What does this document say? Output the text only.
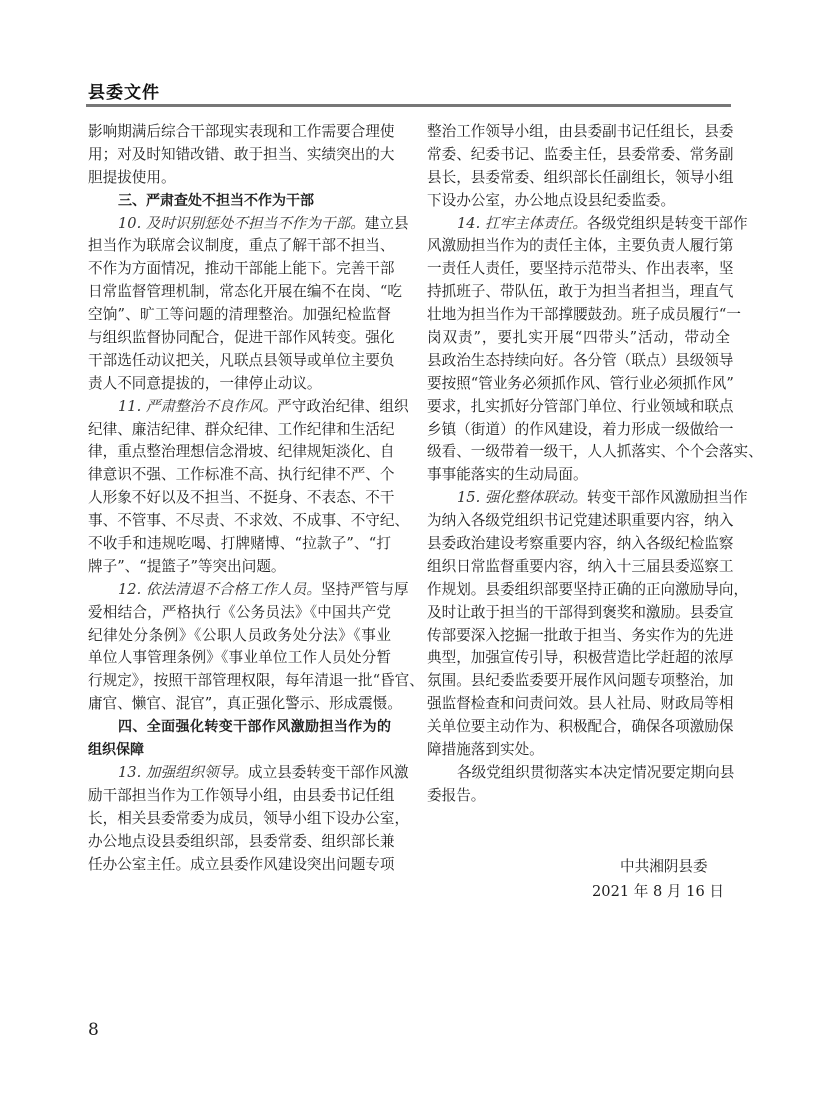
县委文件
影响期满后综合干部现实表现和工作需要合理使
用；对及时知错改错、敢于担当、实绩突出的大
胆提拔使用。
三、严肃查处不担当不作为干部
10. 及时识别惩处不担当不作为干部。建立县
担当作为联席会议制度，重点了解干部不担当、
不作为方面情况，推动干部能上能下。完善干部
日常监督管理机制，常态化开展在编不在岗、“吃
空饷”、旷工等问题的清理整治。加强纪检监督
与组织监督协同配合，促进干部作风转变。强化
干部选任动议把关，凡联点县领导或单位主要负
责人不同意提拔的，一律停止动议。
11. 严肃整治不良作风。严守政治纪律、组织
纪律、廉洁纪律、群众纪律、工作纪律和生活纪
律，重点整治理想信念滑坡、纪律规矩淡化、自
律意识不强、工作标准不高、执行纪律不严、个
人形象不好以及不担当、不挺身、不表态、不干
事、不管事、不尽责、不求效、不成事、不守纪、
不收手和违规吃喝、打牌赌博、“拉款子”、“打
牌子”、“提篮子”等突出问题。
12. 依法清退不合格工作人员。坚持严管与厚
爱相结合，严格执行《公务员法》《中国共产党
纪律处分条例》《公职人员政务处分法》《事业
单位人事管理条例》《事业单位工作人员处分暂
行规定》，按照干部管理权限，每年清退一批“昏官、
庸官、懒官、混官”，真正强化警示、形成震慑。
四、全面强化转变干部作风激励担当作为的
组织保障
13. 加强组织领导。成立县委转变干部作风激
励干部担当作为工作领导小组，由县委书记任组
长，相关县委常委为成员，领导小组下设办公室，
办公地点设县委组织部，县委常委、组织部长兼
任办公室主任。成立县委作风建设突出问题专项
整治工作领导小组，由县委副书记任组长，县委
常委、纪委书记、监委主任，县委常委、常务副
县长，县委常委、组织部长任副组长，领导小组
下设办公室，办公地点设县纪委监委。
14. 扛牢主体责任。各级党组织是转变干部作
风激励担当作为的责任主体，主要负责人履行第
一责任人责任，要坚持示范带头、作出表率，坚
持抓班子、带队伍，敢于为担当者担当，理直气
壮地为担当作为干部撑腰鼓劲。班子成员履行“一
岗双责”，要扎实开展“四带头”活动，带动全
县政治生态持续向好。各分管（联点）县级领导
要按照“管业务必须抓作风、管行业必须抓作风”
要求，扎实抓好分管部门单位、行业领域和联点
乡镇（街道）的作风建设，着力形成一级做给一
级看、一级带着一级干，人人抓落实、个个会落实、
事事能落实的生动局面。
15. 强化整体联动。转变干部作风激励担当作
为纳入各级党组织书记党建述职重要内容，纳入
县委政治建设考察重要内容，纳入各级纪检监察
组织日常监督重要内容，纳入十三届县委巡察工
作规划。县委组织部要坚持正确的正向激励导向，
及时让敢于担当的干部得到褒奖和激励。县委宣
传部要深入挖掘一批敢于担当、务实作为的先进
典型，加强宣传引导，积极营造比学赶超的浓厚
氛围。县纪委监委要开展作风问题专项整治，加
强监督检查和问责问效。县人社局、财政局等相
关单位要主动作为、积极配合，确保各项激励保
障措施落到实处。
各级党组织贯彻落实本决定情况要定期向县
委报告。
中共湘阴县委
2021 年 8 月 16 日
8
